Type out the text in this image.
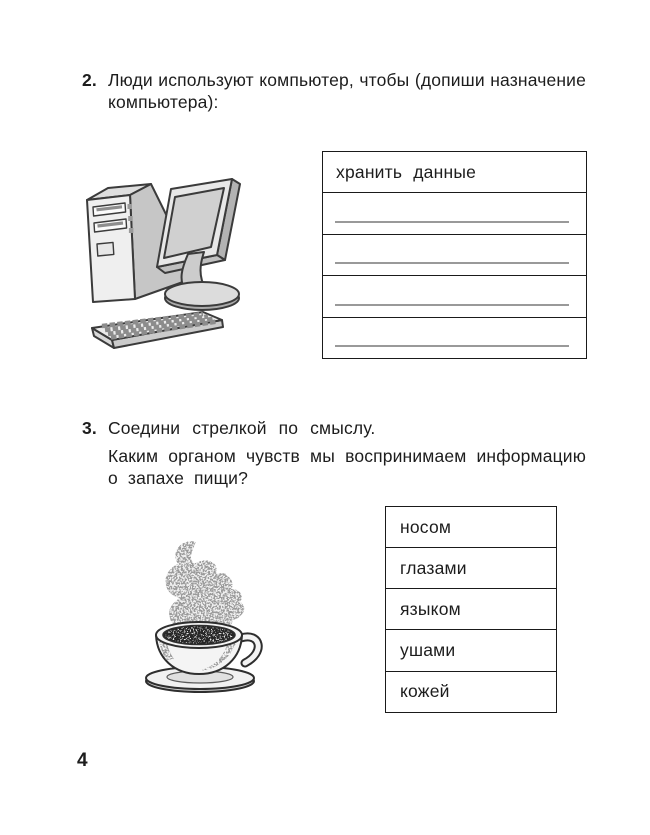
2. Люди используют компьютер, чтобы (допиши назначение
компьютера):
хранить данные
3. Соедини стрелкой по смыслу.
Каким органом чувств мы воспринимаем информацию
о запахе пищи?
носом
глазами
языком
ушами
кожей
4
